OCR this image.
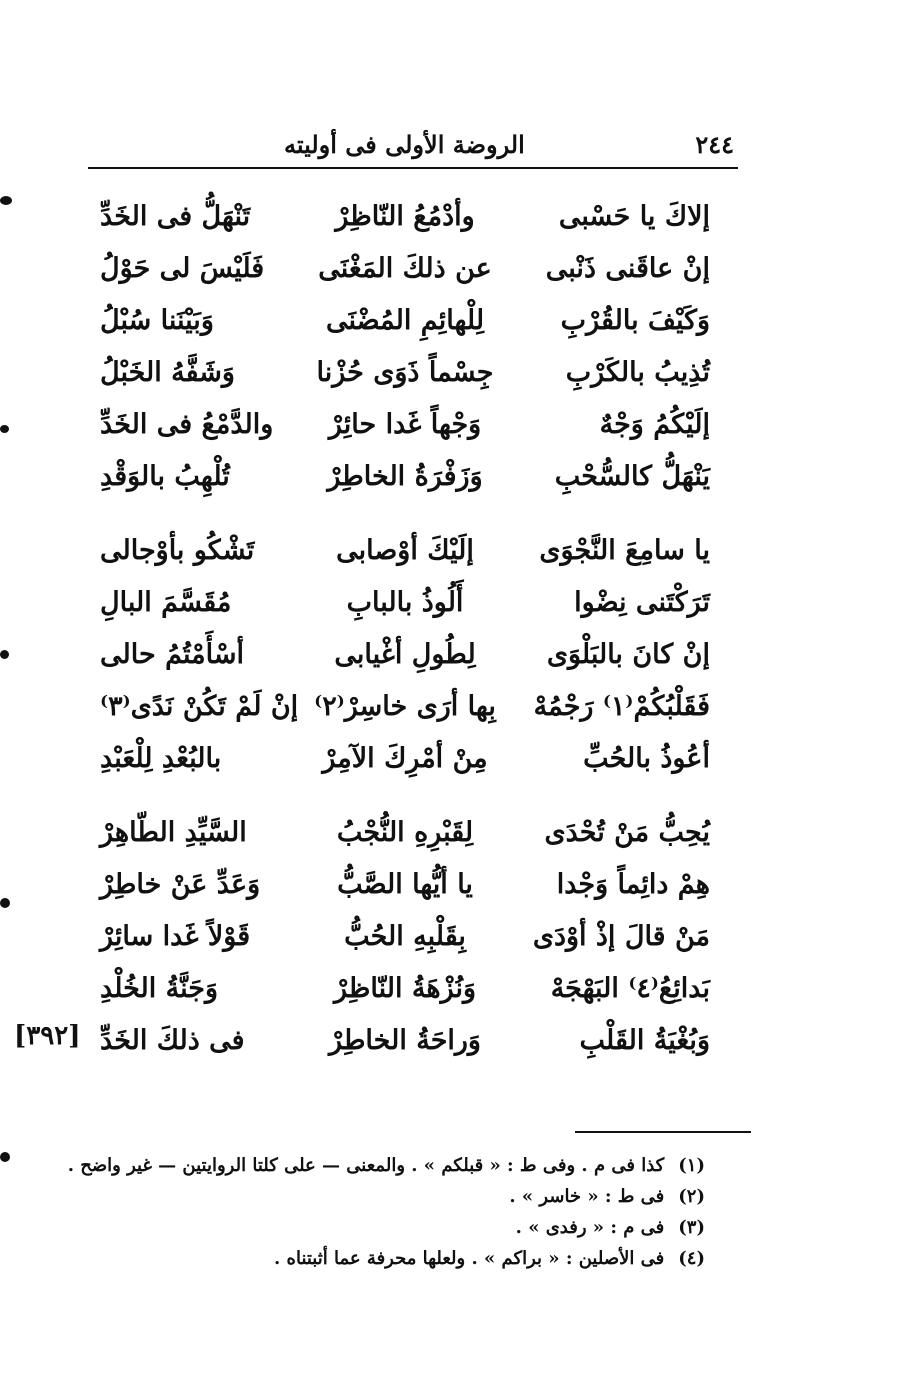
٢٤٤
الروضة الأولى فى أوليته
إلاكَ يا حَسْبى
وأدْمُعُ النّاظِرْ
تَنْهَلُّ فى الخَدِّ
إنْ عاقَنى ذَنْبى
عن ذلكَ المَغْنَى
فَلَيْسَ لى حَوْلُ
وَكَيْفَ بالقُرْبِ
لِلْهائِمِ المُضْنَى
وَبَيْنَنا سُبْلُ
تُذِيبُ بالكَرْبِ
جِسْماً ذَوَى حُزْنا
وَشَفَّهُ الخَبْلُ
إلَيْكُمُ وَجْهٌ
وَجْهاً غَدا حائِرْ
والدَّمْعُ فى الخَدِّ
يَنْهَلُّ كالسُّحْبِ
وَزَفْرَةُ الخاطِرْ
تُلْهِبُ بالوَقْدِ
يا سامِعَ النَّجْوَى
إلَيْكَ أوْصابى
تَشْكُو بأوْجالى
تَرَكْتَنى نِضْوا
أَلُوذُ بالبابِ
مُقَسَّمَ البالِ
إنْ كانَ بالبَلْوَى
لِطُولِ أغْيابى
أسْأَمْتُمُ حالى
فَقَلْبُكُمْ⁽١⁾ رَجْمُهْ
بِها أرَى خاسِرْ⁽٢⁾
إنْ لَمْ تَكُنْ نَدًى⁽٣⁾
أعُوذُ بالحُبِّ
مِنْ أمْرِكَ الآمِرْ
بالبُعْدِ لِلْعَبْدِ
يُحِبُّ مَنْ تُحْدَى
لِقَبْرِهِ النُّجْبُ
السَّيِّدِ الطّاهِرْ
هِمْ دائِماً وَجْدا
يا أيُّها الصَّبُّ
وَعَدِّ عَنْ خاطِرْ
مَنْ قالَ إذْ أوْدَى
بِقَلْبِهِ الحُبُّ
قَوْلاً غَدا سائِرْ
بَدائِعُ⁽٤⁾ البَهْجَهْ
وَنُزْهَةُ النّاظِرْ
وَجَنَّةُ الخُلْدِ
وَبُغْيَةُ القَلْبِ
وَراحَةُ الخاطِرْ
فى ذلكَ الخَدِّ
[٣٩٢]
(١)كذا فى م . وفى ط : « قبلكم » . والمعنى — على كلتا الروايتين — غير واضح .
(٢)فى ط : « خاسر » .
(٣)فى م : « رفدى » .
(٤)فى الأصلين : « براكم » . ولعلها محرفة عما أثبتناه .
